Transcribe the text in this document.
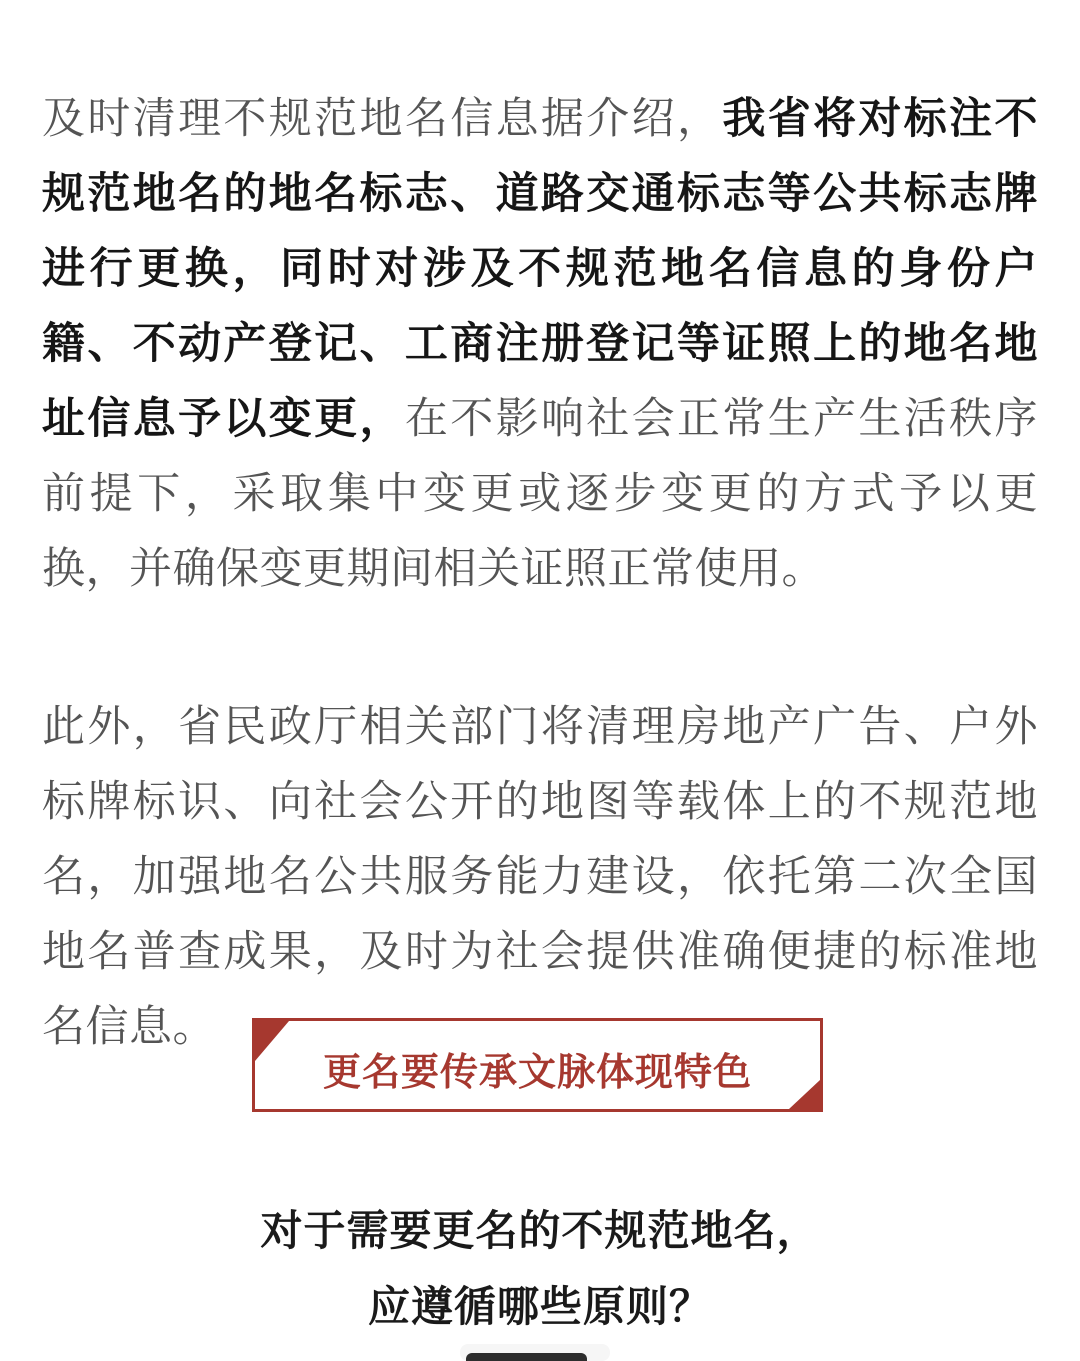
及时清理不规范地名信息据介绍，我省将对标注不规范地名的地名标志、道路交通标志等公共标志牌进行更换，同时对涉及不规范地名信息的身份户籍、不动产登记、工商注册登记等证照上的地名地址信息予以变更，在不影响社会正常生产生活秩序前提下，采取集中变更或逐步变更的方式予以更换，并确保变更期间相关证照正常使用。

此外，省民政厅相关部门将清理房地产广告、户外标牌标识、向社会公开的地图等载体上的不规范地名，加强地名公共服务能力建设，依托第二次全国地名普查成果，及时为社会提供准确便捷的标准地名信息。

更名要传承文脉体现特色
对于需要更名的不规范地名，
应遵循哪些原则？
